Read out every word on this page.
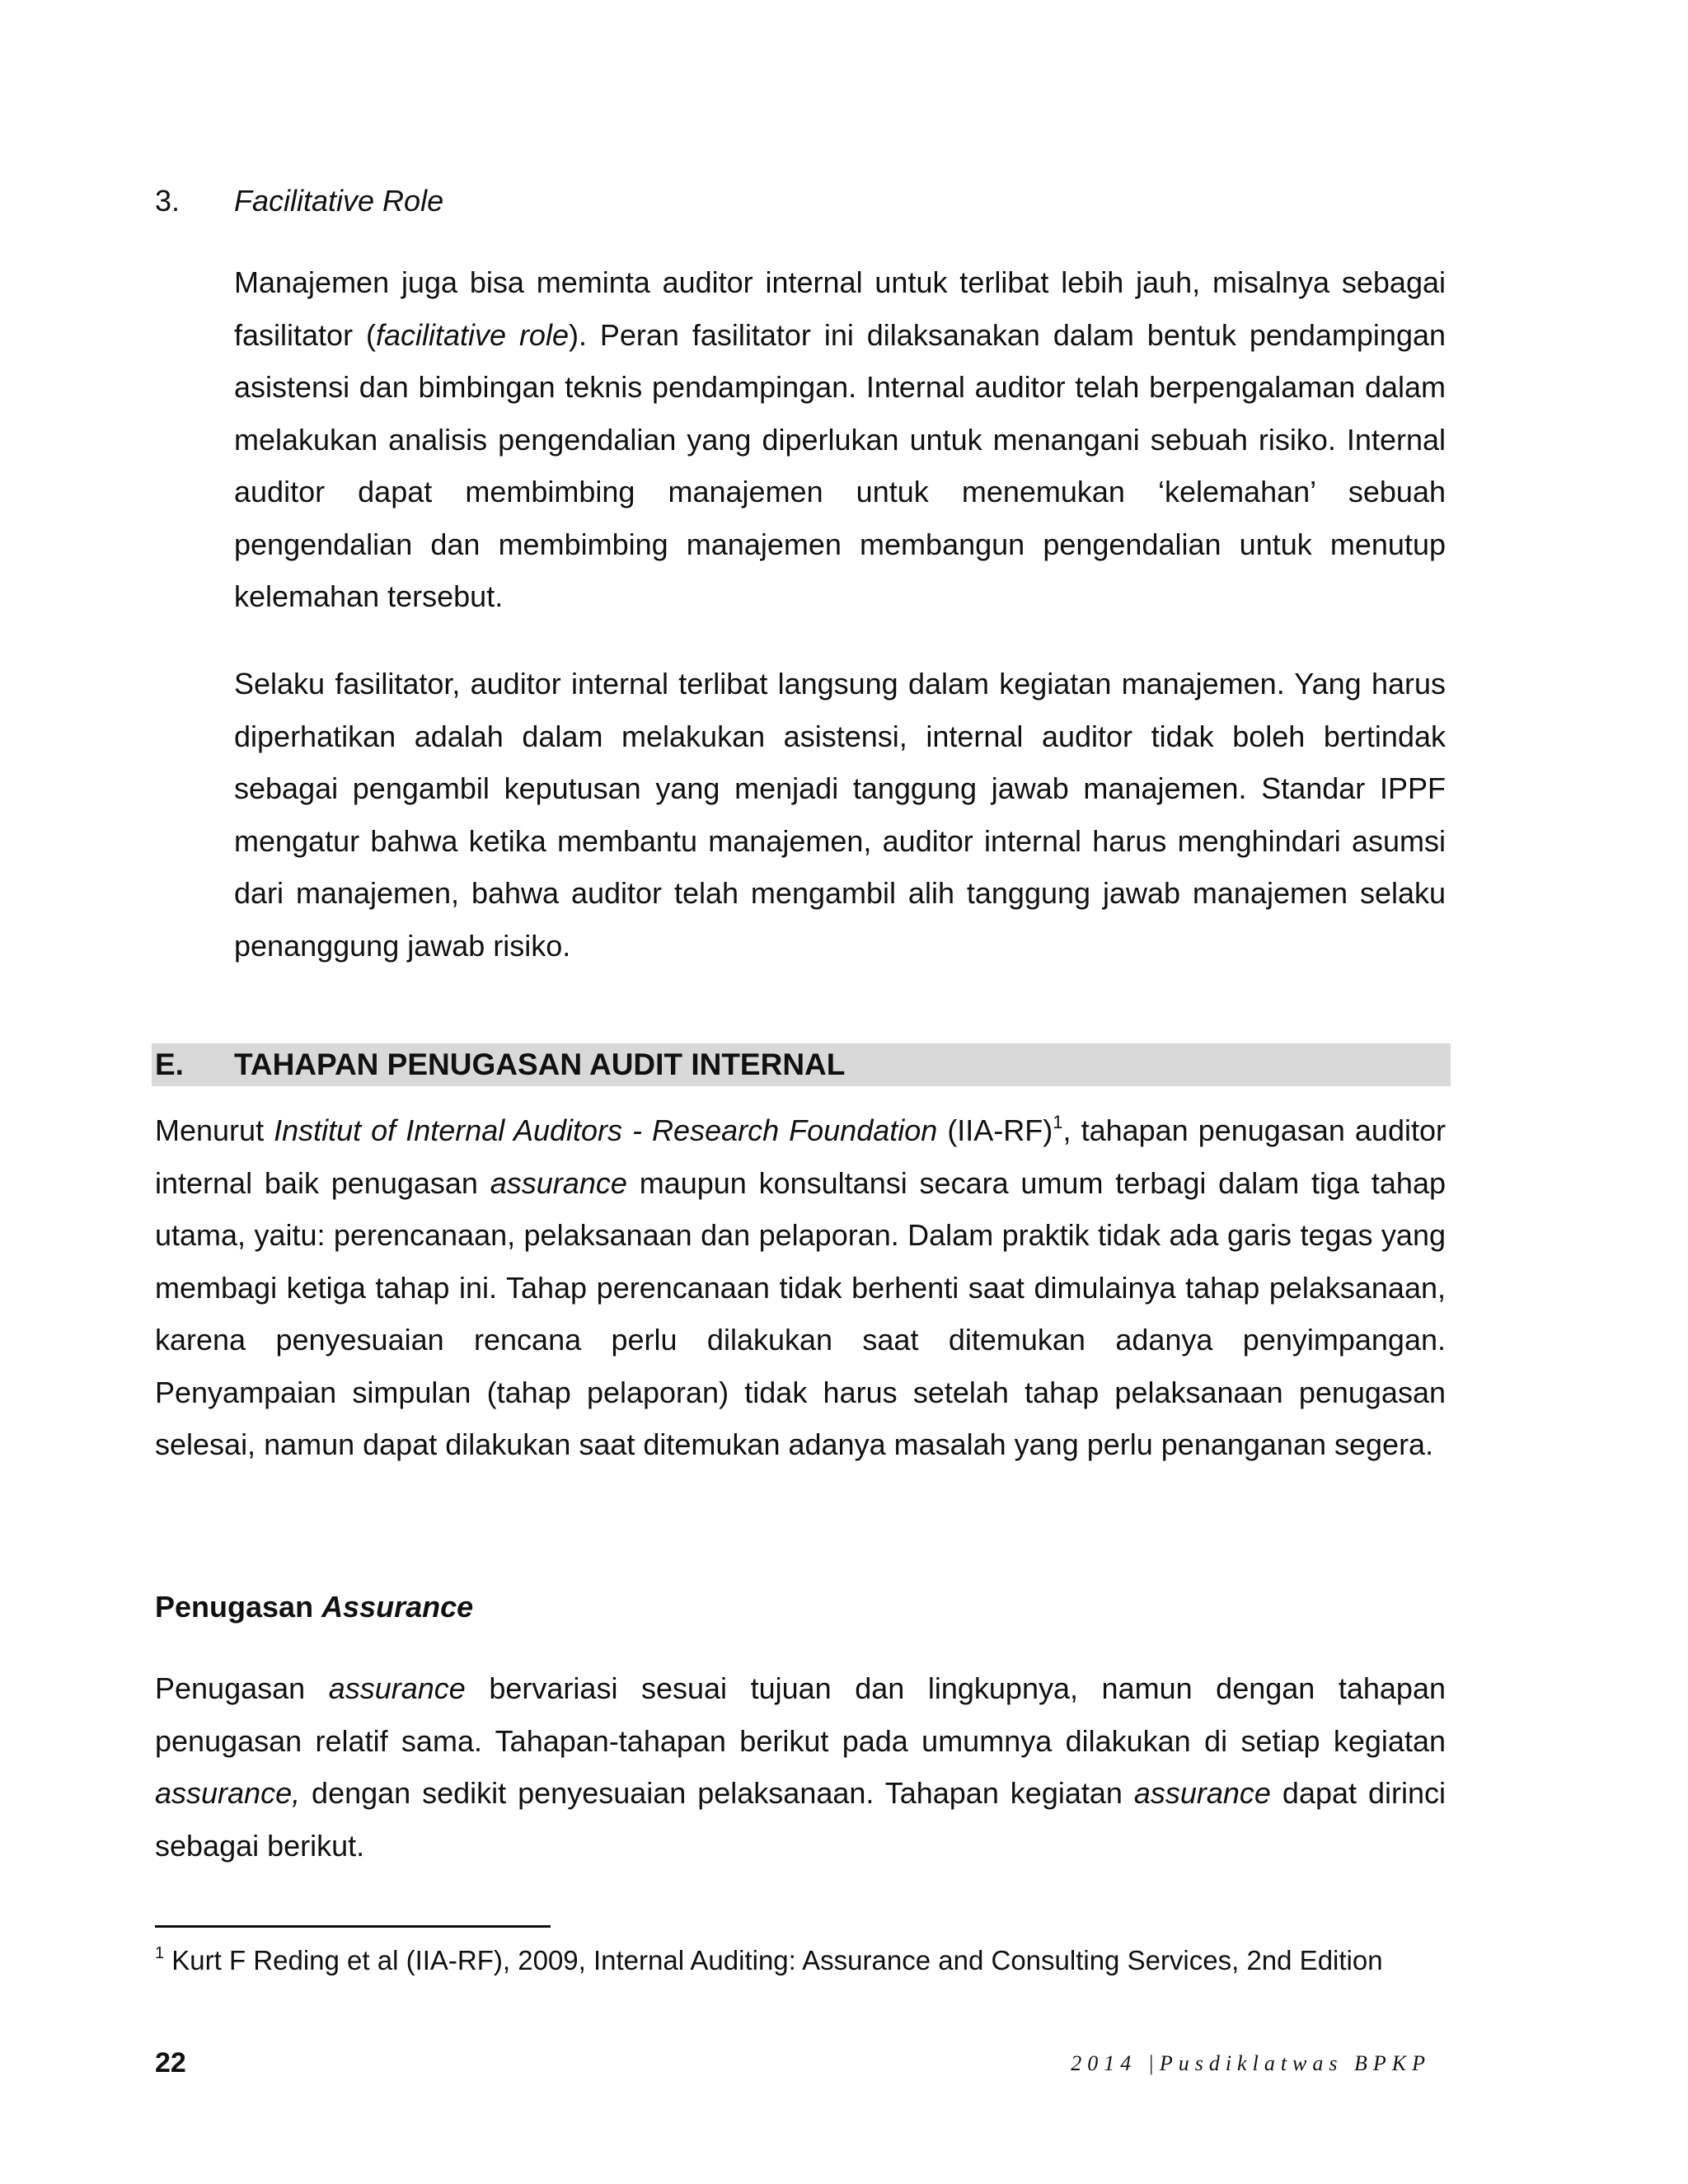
3.	Facilitative Role

Manajemen juga bisa meminta auditor internal untuk terlibat lebih jauh, misalnya sebagai fasilitator (facilitative role). Peran fasilitator ini dilaksanakan dalam bentuk pendampingan asistensi dan bimbingan teknis pendampingan. Internal auditor telah berpengalaman dalam melakukan analisis pengendalian yang diperlukan untuk menangani sebuah risiko. Internal auditor dapat membimbing manajemen untuk menemukan ‘kelemahan’ sebuah pengendalian dan membimbing manajemen membangun pengendalian untuk menutup kelemahan tersebut.

Selaku fasilitator, auditor internal terlibat langsung dalam kegiatan manajemen. Yang harus diperhatikan adalah dalam melakukan asistensi, internal auditor tidak boleh bertindak sebagai pengambil keputusan yang menjadi tanggung jawab manajemen. Standar IPPF mengatur bahwa ketika membantu manajemen, auditor internal harus menghindari asumsi dari manajemen, bahwa auditor telah mengambil alih tanggung jawab manajemen selaku penanggung jawab risiko.

E.	TAHAPAN PENUGASAN AUDIT INTERNAL

Menurut Institut of Internal Auditors - Research Foundation $(IIA-RF)^1$, tahapan penugasan auditor internal baik penugasan assurance maupun konsultansi secara umum terbagi dalam tiga tahap utama, yaitu: perencanaan, pelaksanaan dan pelaporan. Dalam praktik tidak ada garis tegas yang membagi ketiga tahap ini. Tahap perencanaan tidak berhenti saat dimulainya tahap pelaksanaan, karena penyesuaian rencana perlu dilakukan saat ditemukan adanya penyimpangan. Penyampaian simpulan (tahap pelaporan) tidak harus setelah tahap pelaksanaan penugasan selesai, namun dapat dilakukan saat ditemukan adanya masalah yang perlu penanganan segera.

Penugasan Assurance

Penugasan assurance bervariasi sesuai tujuan dan lingkupnya, namun dengan tahapan penugasan relatif sama. Tahapan-tahapan berikut pada umumnya dilakukan di setiap kegiatan assurance, dengan sedikit penyesuaian pelaksanaan. Tahapan kegiatan assurance dapat dirinci sebagai berikut.

$^1$ Kurt F Reding et al (IIA-RF), 2009, Internal Auditing: Assurance and Consulting Services, 2nd Edition
22	2014 |Pusdiklatwas BPKP
